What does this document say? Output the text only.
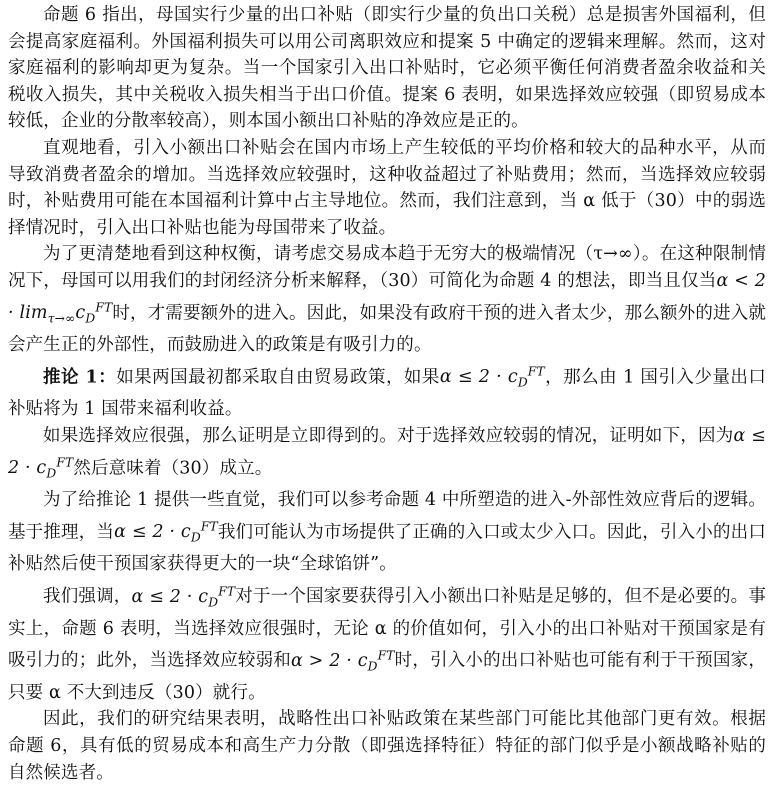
命题 6 指出，母国实行少量的出口补贴（即实行少量的负出口关税）总是损害外国福利，但会提高家庭福利。外国福利损失可以用公司离职效应和提案 5 中确定的逻辑来理解。然而，这对家庭福利的影响却更为复杂。当一个国家引入出口补贴时，它必须平衡任何消费者盈余收益和关税收入损失，其中关税收入损失相当于出口价值。提案 6 表明，如果选择效应较强（即贸易成本较低，企业的分散率较高），则本国小额出口补贴的净效应是正的。

直观地看，引入小额出口补贴会在国内市场上产生较低的平均价格和较大的品种水平，从而导致消费者盈余的增加。当选择效应较强时，这种收益超过了补贴费用；然而，当选择效应较弱时，补贴费用可能在本国福利计算中占主导地位。然而，我们注意到，当 α 低于（30）中的弱选择情况时，引入出口补贴也能为母国带来了收益。

为了更清楚地看到这种权衡，请考虑交易成本趋于无穷大的极端情况（τ→∞）。在这种限制情况下，母国可以用我们的封闭经济分析来解释，（30）可简化为命题 4 的想法，即当且仅当$\alpha < 2 \cdot \lim_{\tau\to\infty}c_D^{FT}$时，才需要额外的进入。因此，如果没有政府干预的进入者太少，那么额外的进入就会产生正的外部性，而鼓励进入的政策是有吸引力的。

推论 1：如果两国最初都采取自由贸易政策，如果$\alpha \le 2 \cdot c_D^{FT}$，那么由 1 国引入少量出口补贴将为 1 国带来福利收益。

如果选择效应很强，那么证明是立即得到的。对于选择效应较弱的情况，证明如下，因为$\alpha \le 2 \cdot c_D^{FT}$然后意味着（30）成立。

为了给推论 1 提供一些直觉，我们可以参考命题 4 中所塑造的进入-外部性效应背后的逻辑。基于推理，当$\alpha \le 2 \cdot c_D^{FT}$我们可能认为市场提供了正确的入口或太少入口。因此，引入小的出口补贴然后使干预国家获得更大的一块“全球馅饼”。

我们强调，$\alpha \le 2 \cdot c_D^{FT}$对于一个国家要获得引入小额出口补贴是足够的，但不是必要的。事实上，命题 6 表明，当选择效应很强时，无论 α 的价值如何，引入小的出口补贴对干预国家是有吸引力的；此外，当选择效应较弱和$\alpha > 2 \cdot c_D^{FT}$时，引入小的出口补贴也可能有利于干预国家，只要 α 不大到违反（30）就行。

因此，我们的研究结果表明，战略性出口补贴政策在某些部门可能比其他部门更有效。根据命题 6，具有低的贸易成本和高生产力分散（即强选择特征）特征的部门似乎是小额战略补贴的自然候选者。
